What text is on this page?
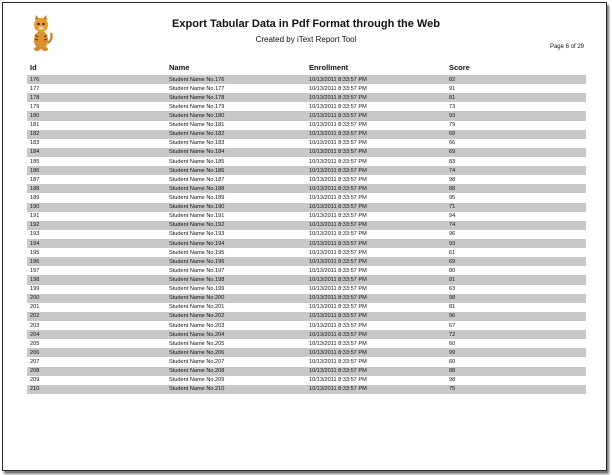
Export Tabular Data in Pdf Format through the Web
Created by iText Report Tool
Page 6 of 29
Id	Name	Enrollment	Score
176	Student Name No.176	10/13/2011 8:33:57 PM	82
177	Student Name No.177	10/13/2011 8:33:57 PM	91
178	Student Name No.178	10/13/2011 8:33:57 PM	81
179	Student Name No.179	10/13/2011 8:33:57 PM	73
180	Student Name No.180	10/13/2011 8:33:57 PM	93
181	Student Name No.181	10/13/2011 8:33:57 PM	79
182	Student Name No.182	10/13/2011 8:33:57 PM	68
183	Student Name No.183	10/13/2011 8:33:57 PM	66
184	Student Name No.184	10/13/2011 8:33:57 PM	69
185	Student Name No.185	10/13/2011 8:33:57 PM	83
186	Student Name No.186	10/13/2011 8:33:57 PM	74
187	Student Name No.187	10/13/2011 8:33:57 PM	98
188	Student Name No.188	10/13/2011 8:33:57 PM	88
189	Student Name No.189	10/13/2011 8:33:57 PM	95
190	Student Name No.190	10/13/2011 8:33:57 PM	71
191	Student Name No.191	10/13/2011 8:33:57 PM	94
192	Student Name No.192	10/13/2011 8:33:57 PM	74
193	Student Name No.193	10/13/2011 8:33:57 PM	96
194	Student Name No.194	10/13/2011 8:33:57 PM	93
195	Student Name No.195	10/13/2011 8:33:57 PM	61
196	Student Name No.196	10/13/2011 8:33:57 PM	69
197	Student Name No.197	10/13/2011 8:33:57 PM	80
198	Student Name No.198	10/13/2011 8:33:57 PM	81
199	Student Name No.199	10/13/2011 8:33:57 PM	63
200	Student Name No.200	10/13/2011 8:33:57 PM	98
201	Student Name No.201	10/13/2011 8:33:57 PM	81
202	Student Name No.202	10/13/2011 8:33:57 PM	96
203	Student Name No.203	10/13/2011 8:33:57 PM	67
204	Student Name No.204	10/13/2011 8:33:57 PM	72
205	Student Name No.205	10/13/2011 8:33:57 PM	60
206	Student Name No.206	10/13/2011 8:33:57 PM	99
207	Student Name No.207	10/13/2011 8:33:57 PM	60
208	Student Name No.208	10/13/2011 8:33:57 PM	88
209	Student Name No.209	10/13/2011 8:33:57 PM	98
210	Student Name No.210	10/13/2011 8:33:57 PM	75
